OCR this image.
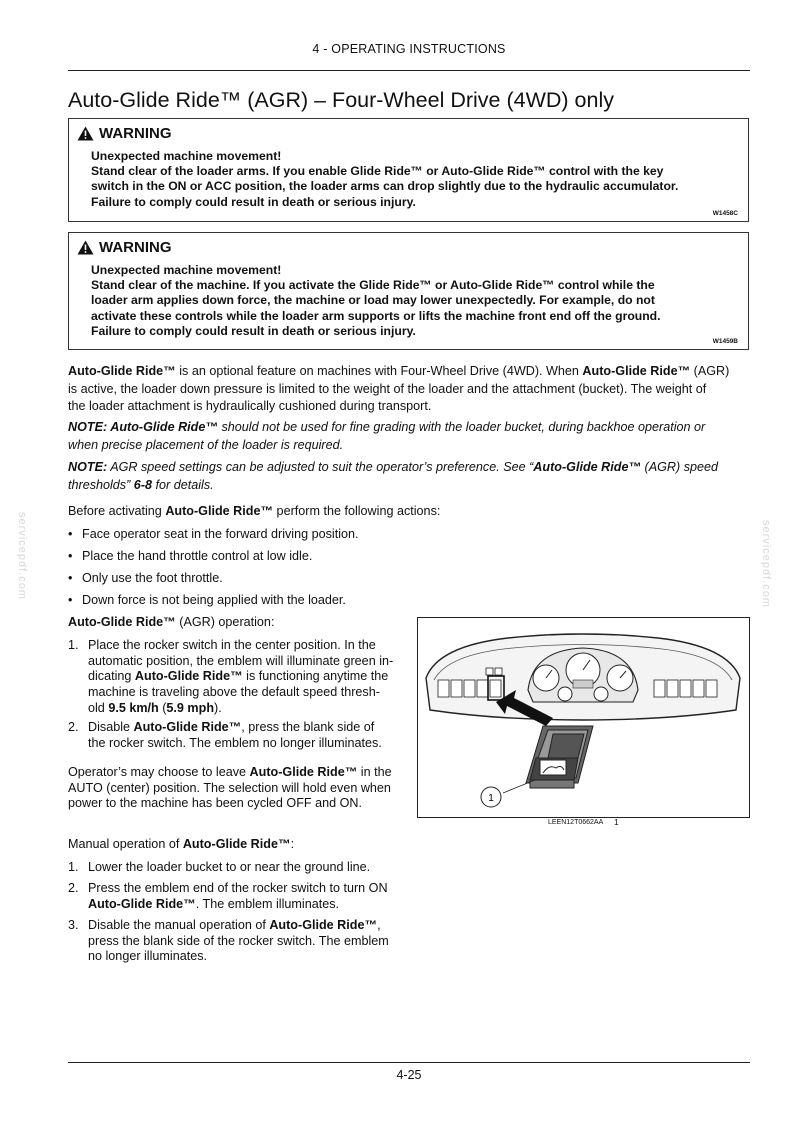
4 - OPERATING INSTRUCTIONS
Auto-Glide Ride™ (AGR) – Four-Wheel Drive (4WD) only
WARNING
Unexpected machine movement!
Stand clear of the loader arms. If you enable Glide Ride™ or Auto-Glide Ride™ control with the key
switch in the ON or ACC position, the loader arms can drop slightly due to the hydraulic accumulator.
Failure to comply could result in death or serious injury.
W1458C
WARNING
Unexpected machine movement!
Stand clear of the machine. If you activate the Glide Ride™ or Auto-Glide Ride™ control while the
loader arm applies down force, the machine or load may lower unexpectedly. For example, do not
activate these controls while the loader arm supports or lifts the machine front end off the ground.
Failure to comply could result in death or serious injury.
W1459B
Auto-Glide Ride™ is an optional feature on machines with Four-Wheel Drive (4WD). When Auto-Glide Ride™ (AGR)
is active, the loader down pressure is limited to the weight of the loader and the attachment (bucket). The weight of
the loader attachment is hydraulically cushioned during transport.
NOTE: Auto-Glide Ride™ should not be used for fine grading with the loader bucket, during backhoe operation or
when precise placement of the loader is required.
NOTE: AGR speed settings can be adjusted to suit the operator’s preference. See “Auto-Glide Ride™ (AGR) speed
thresholds” 6-8 for details.
Before activating Auto-Glide Ride™ perform the following actions:
• Face operator seat in the forward driving position.
• Place the hand throttle control at low idle.
• Only use the foot throttle.
• Down force is not being applied with the loader.
Auto-Glide Ride™ (AGR) operation:
1. Place the rocker switch in the center position. In the
automatic position, the emblem will illuminate green in-
dicating Auto-Glide Ride™ is functioning anytime the
machine is traveling above the default speed thresh-
old 9.5 km/h (5.9 mph).
2. Disable Auto-Glide Ride™, press the blank side of
the rocker switch. The emblem no longer illuminates.
Operator’s may choose to leave Auto-Glide Ride™ in the
AUTO (center) position. The selection will hold even when
power to the machine has been cycled OFF and ON.
Manual operation of Auto-Glide Ride™:
1. Lower the loader bucket to or near the ground line.
2. Press the emblem end of the rocker switch to turn ON
Auto-Glide Ride™. The emblem illuminates.
3. Disable the manual operation of Auto-Glide Ride™,
press the blank side of the rocker switch. The emblem
no longer illuminates.
1
LEEN12T0662AA 1
servicepdf.com	servicepdf.com
4-25
